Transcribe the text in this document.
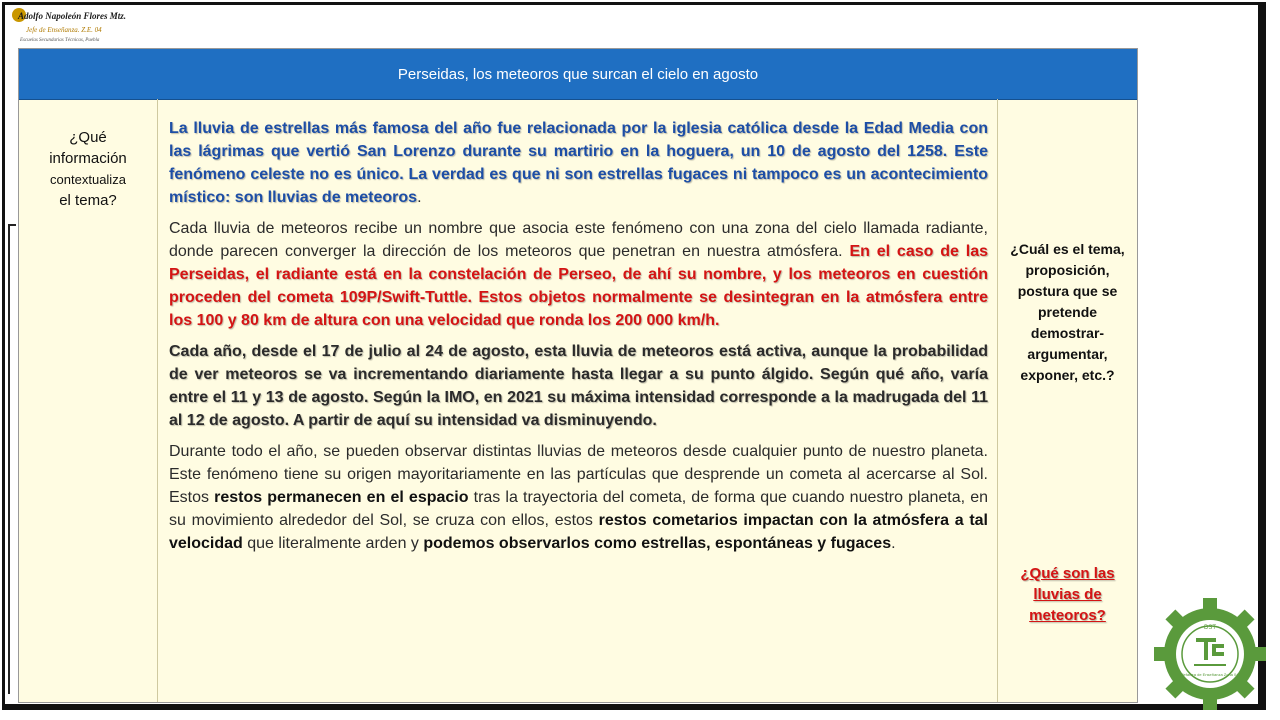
Adolfo Napoleón Flores Mtz.
Jefe de Enseñanza. Z.E. 04
Escuelas Secundarias Técnicas, Puebla
Perseidas, los meteoros que surcan el cielo en agosto
¿Qué
información
contextualiza
el tema?

La lluvia de estrellas más famosa del año fue relacionada por la iglesia católica desde la Edad Media con las lágrimas que vertió San Lorenzo durante su martirio en la hoguera, un 10 de agosto del 1258. Este fenómeno celeste no es único. La verdad es que ni son estrellas fugaces ni tampoco es un acontecimiento místico: son lluvias de meteoros.

Cada lluvia de meteoros recibe un nombre que asocia este fenómeno con una zona del cielo llamada radiante, donde parecen converger la dirección de los meteoros que penetran en nuestra atmósfera. En el caso de las Perseidas, el radiante está en la constelación de Perseo, de ahí su nombre, y los meteoros en cuestión proceden del cometa 109P/Swift-Tuttle. Estos objetos normalmente se desintegran en la atmósfera entre los 100 y 80 km de altura con una velocidad que ronda los 200 000 km/h.

Cada año, desde el 17 de julio al 24 de agosto, esta lluvia de meteoros está activa, aunque la probabilidad de ver meteoros se va incrementando diariamente hasta llegar a su punto álgido. Según qué año, varía entre el 11 y 13 de agosto. Según la IMO, en 2021 su máxima intensidad corresponde a la madrugada del 11 al 12 de agosto. A partir de aquí su intensidad va disminuyendo.

Durante todo el año, se pueden observar distintas lluvias de meteoros desde cualquier punto de nuestro planeta. Este fenómeno tiene su origen mayoritariamente en las partículas que desprende un cometa al acercarse al Sol. Estos restos permanecen en el espacio tras la trayectoria del cometa, de forma que cuando nuestro planeta, en su movimiento alrededor del Sol, se cruza con ellos, estos restos cometarios impactan con la atmósfera a tal velocidad que literalmente arden y podemos observarlos como estrellas, espontáneas y fugaces.

¿Cuál es el tema, proposición, postura que se pretende demostrar-argumentar, exponer, etc.?
¿Qué son las lluvias de meteoros?
DST
Jefatura de Enseñanza Zona 04
